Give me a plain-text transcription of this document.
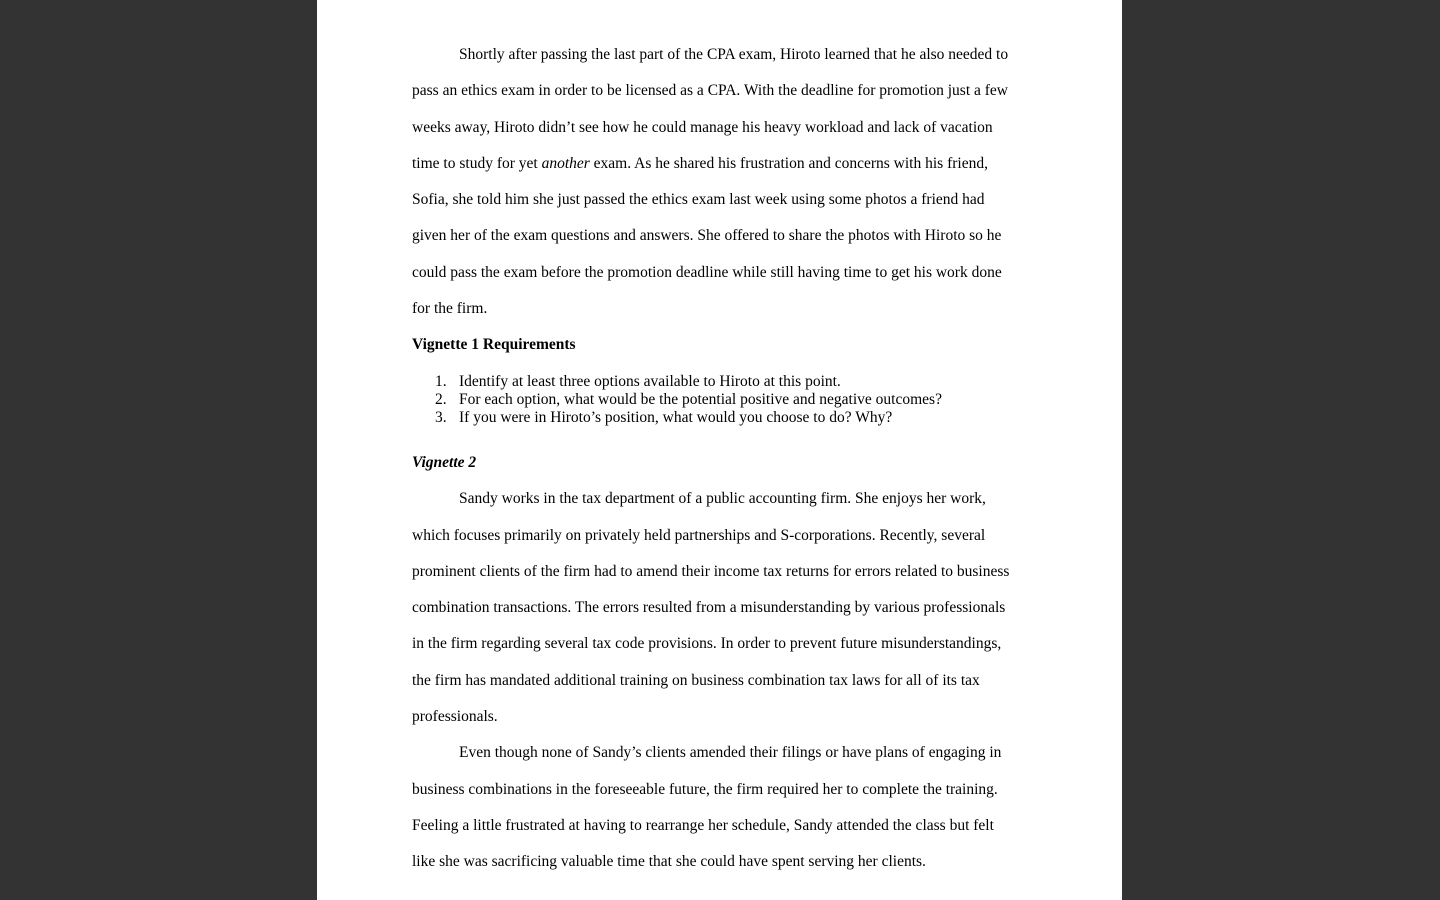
Shortly after passing the last part of the CPA exam, Hiroto learned that he also needed to
pass an ethics exam in order to be licensed as a CPA. With the deadline for promotion just a few
weeks away, Hiroto didn’t see how he could manage his heavy workload and lack of vacation
time to study for yet another exam. As he shared his frustration and concerns with his friend,
Sofia, she told him she just passed the ethics exam last week using some photos a friend had
given her of the exam questions and answers. She offered to share the photos with Hiroto so he
could pass the exam before the promotion deadline while still having time to get his work done
for the firm.
Vignette 1 Requirements
1. Identify at least three options available to Hiroto at this point.
2. For each option, what would be the potential positive and negative outcomes?
3. If you were in Hiroto’s position, what would you choose to do? Why?
Vignette 2
Sandy works in the tax department of a public accounting firm. She enjoys her work,
which focuses primarily on privately held partnerships and S-corporations. Recently, several
prominent clients of the firm had to amend their income tax returns for errors related to business
combination transactions. The errors resulted from a misunderstanding by various professionals
in the firm regarding several tax code provisions. In order to prevent future misunderstandings,
the firm has mandated additional training on business combination tax laws for all of its tax
professionals.
Even though none of Sandy’s clients amended their filings or have plans of engaging in
business combinations in the foreseeable future, the firm required her to complete the training.
Feeling a little frustrated at having to rearrange her schedule, Sandy attended the class but felt
like she was sacrificing valuable time that she could have spent serving her clients.
